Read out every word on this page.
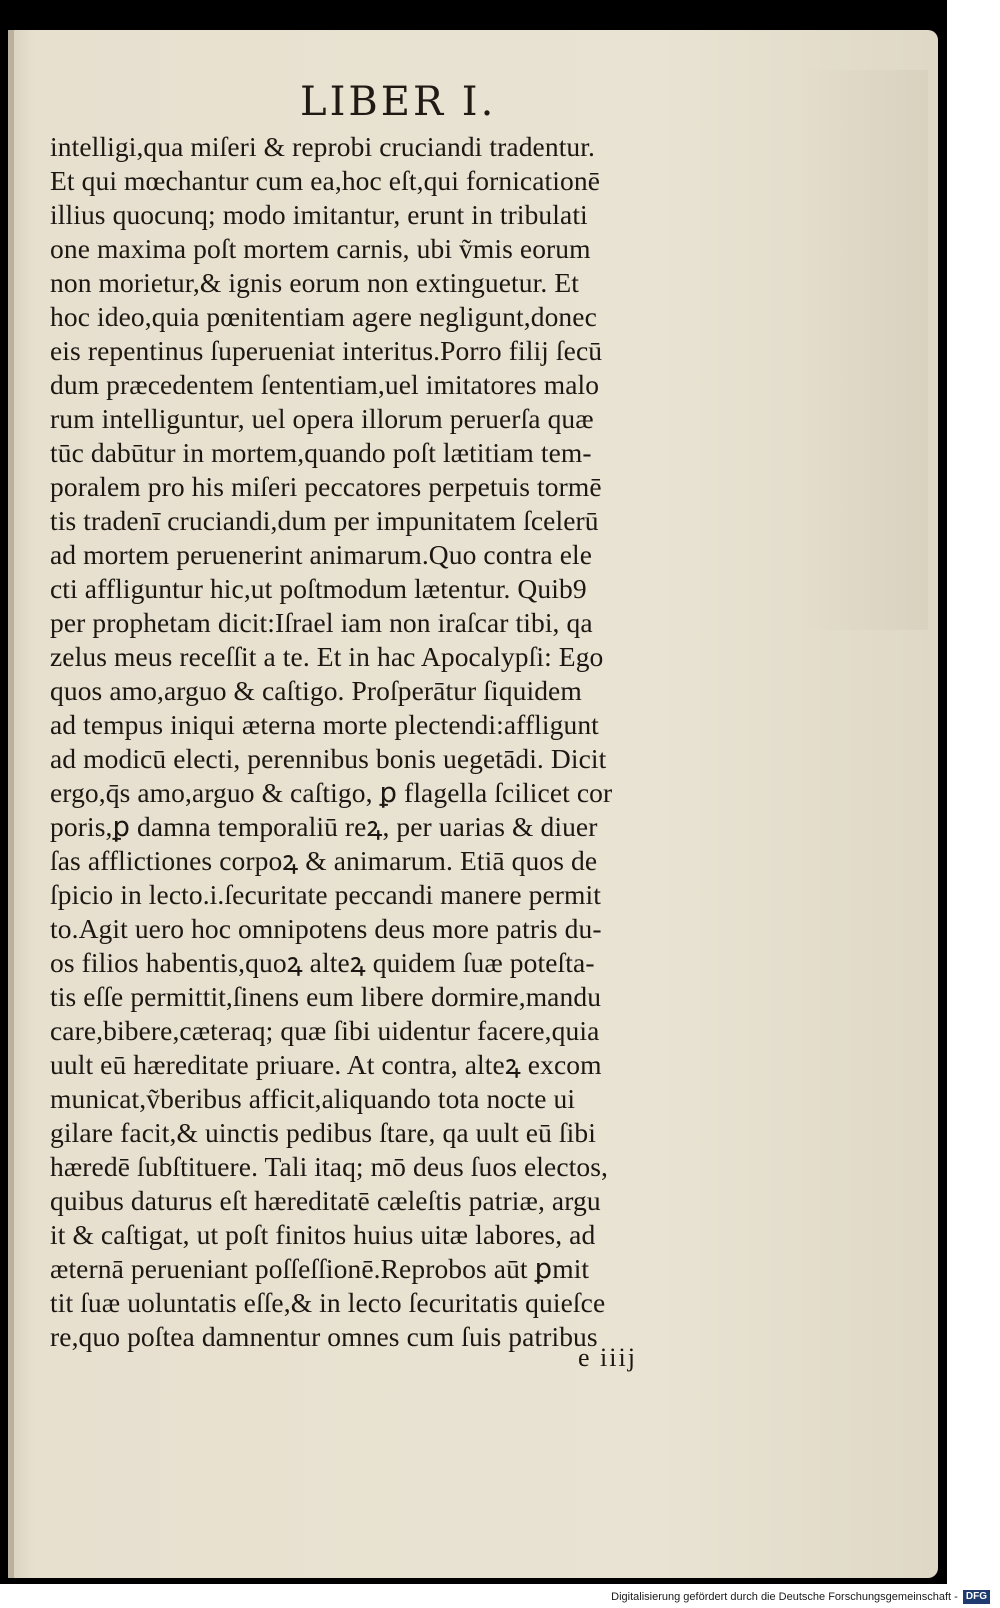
LIBER I.
intelligi,qua miſeri & reprobi cruciandi tradentur.
Et qui mœchantur cum ea,hoc eſt,qui fornicationē
illius quocunq; modo imitantur, erunt in tribulati
one maxima poſt mortem carnis, ubi ṽmis eorum
non morietur,& ignis eorum non extinguetur. Et
hoc ideo,quia pœnitentiam agere negligunt,donec
eis repentinus ſuperueniat interitus.Porro filij ſecū
dum præcedentem ſententiam,uel imitatores malo
rum intelliguntur, uel opera illorum peruerſa quæ
tūc dabūtur in mortem,quando poſt lætitiam tem-
poralem pro his miſeri peccatores perpetuis tormē
tis tradenī cruciandi,dum per impunitatem ſcelerū
ad mortem peruenerint animarum.Quo contra ele
cti affliguntur hic,ut poſtmodum lætentur. Quib9
per prophetam dicit:Iſrael iam non iraſcar tibi, qa
zelus meus receſſit a te. Et in hac Apocalypſi: Ego
quos amo,arguo & caſtigo. Proſperātur ſiquidem
ad tempus iniqui æterna morte plectendi:affligunt
ad modicū electi, perennibus bonis uegetādi. Dicit
ergo,q̄s amo,arguo & caſtigo, ꝑ flagella ſcilicet cor
poris,ꝑ damna temporaliū reꝝ, per uarias & diuer
ſas afflictiones corpoꝝ & animarum. Etiā quos de
ſpicio in lecto.i.ſecuritate peccandi manere permit
to.Agit uero hoc omnipotens deus more patris du-
os filios habentis,quoꝝ alteꝝ quidem ſuæ poteſta-
tis eſſe permittit,ſinens eum libere dormire,mandu
care,bibere,cæteraq; quæ ſibi uidentur facere,quia
uult eū hæreditate priuare. At contra, alteꝝ excom
municat,ṽberibus afficit,aliquando tota nocte ui
gilare facit,& uinctis pedibus ſtare, qa uult eū ſibi
hæredē ſubſtituere. Tali itaq; mō deus ſuos electos,
quibus daturus eſt hæreditatē cæleſtis patriæ, argu
it & caſtigat, ut poſt finitos huius uitæ labores, ad
æternā perueniant poſſeſſionē.Reprobos aūt ꝑmit
tit ſuæ uoluntatis eſſe,& in lecto ſecuritatis quieſce
re,quo poſtea damnentur omnes cum ſuis patribus
e iiij
Digitalisierung gefördert durch die Deutsche Forschungsgemeinschaft - DFG
